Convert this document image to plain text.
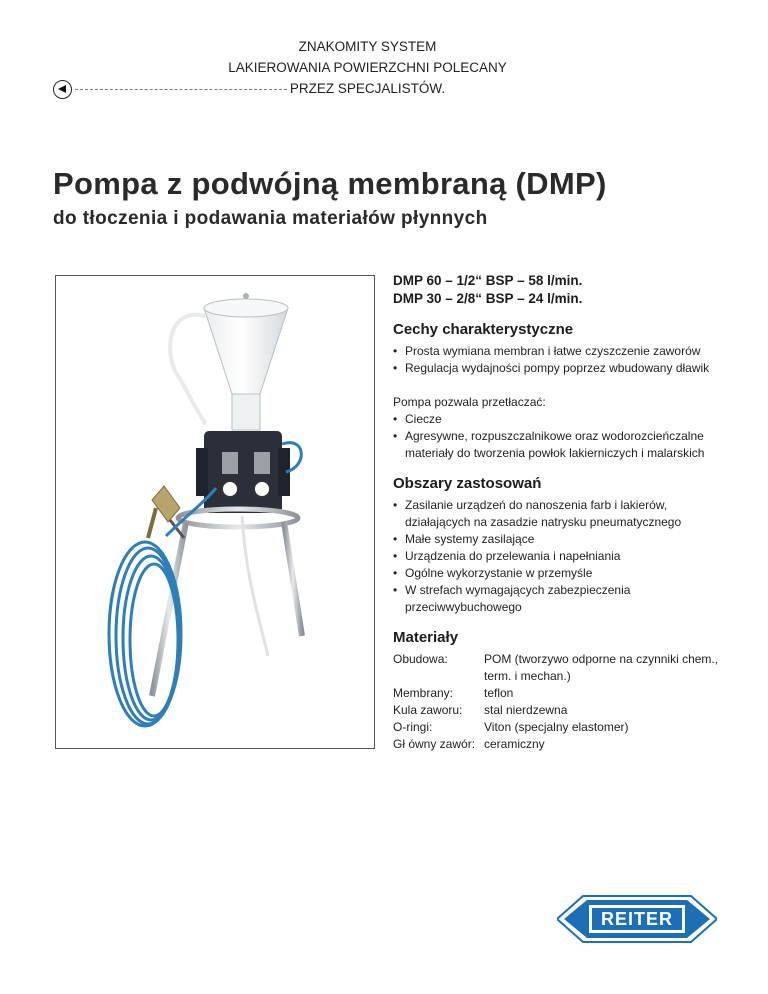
ZNAKOMITY SYSTEM
LAKIEROWANIA POWIERZCHNI POLECANY
PRZEZ SPECJALISTÓW.
Pompa z podwójną membraną (DMP)
do tłoczenia i podawania materiałów płynnych
DMP 60 – 1/2“ BSP – 58 l/min.
DMP 30 – 2/8“ BSP – 24 l/min.
Cechy charakterystyczne
• Prosta wymiana membran i łatwe czyszczenie zaworów
• Regulacja wydajności pompy poprzez wbudowany dławik
Pompa pozwala przetłaczać:
• Ciecze
• Agresywne, rozpuszczalnikowe oraz wodorozcieńczalne materiały do tworzenia powłok lakierniczych i malarskich
Obszary zastosowań
• Zasilanie urządzeń do nanoszenia farb i lakierów, działających na zasadzie natrysku pneumatycznego
• Małe systemy zasilające
• Urządzenia do przelewania i napełniania
• Ogólne wykorzystanie w przemyśle
• W strefach wymagających zabezpieczenia przeciwwybuchowego
Materiały
Obudowa:	POM (tworzywo odporne na czynniki chem., term. i mechan.)
Membrany:	teflon
Kula zaworu:	stal nierdzewna
O-ringi:	Viton (specjalny elastomer)
Gł ówny zawór: ceramiczny
REITER
